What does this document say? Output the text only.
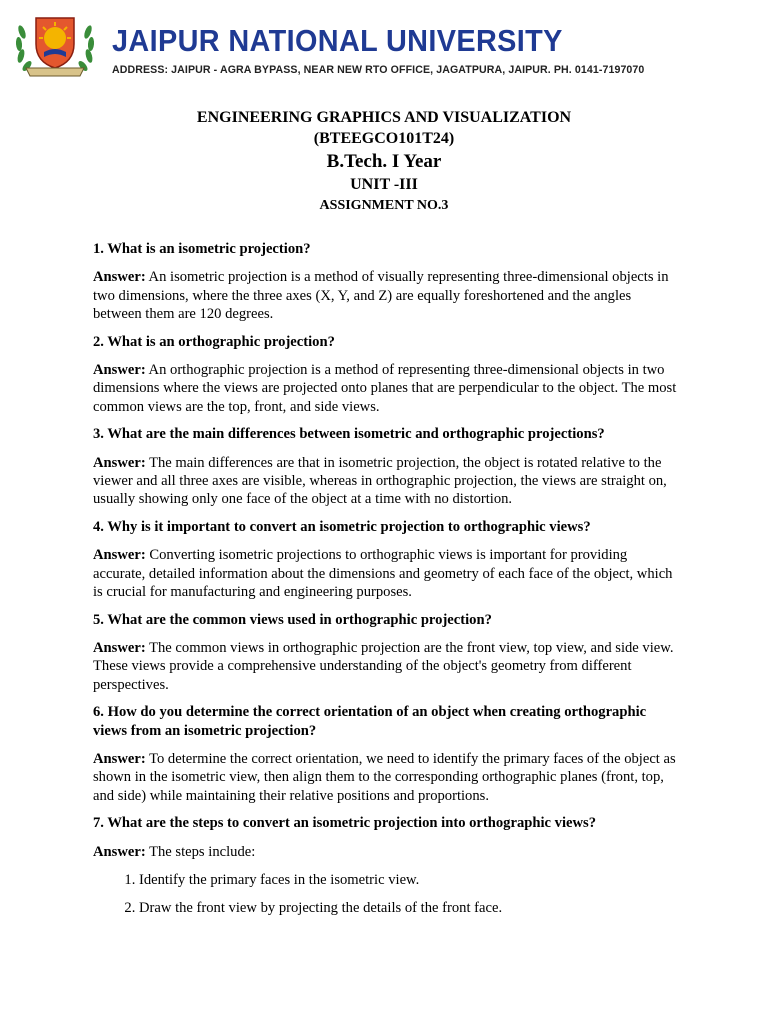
JAIPUR NATIONAL UNIVERSITY
ADDRESS: JAIPUR - AGRA BYPASS, NEAR NEW RTO OFFICE, JAGATPURA, JAIPUR. PH. 0141-7197070
ENGINEERING GRAPHICS AND VISUALIZATION
(BTEEGCO101T24)
B.Tech. I Year
UNIT -III
ASSIGNMENT NO.3

1. What is an isometric projection?

Answer: An isometric projection is a method of visually representing three-dimensional objects in two dimensions, where the three axes (X, Y, and Z) are equally foreshortened and the angles between them are 120 degrees.

2. What is an orthographic projection?

Answer: An orthographic projection is a method of representing three-dimensional objects in two dimensions where the views are projected onto planes that are perpendicular to the object. The most common views are the top, front, and side views.

3. What are the main differences between isometric and orthographic projections?

Answer: The main differences are that in isometric projection, the object is rotated relative to the viewer and all three axes are visible, whereas in orthographic projection, the views are straight on, usually showing only one face of the object at a time with no distortion.

4. Why is it important to convert an isometric projection to orthographic views?

Answer: Converting isometric projections to orthographic views is important for providing accurate, detailed information about the dimensions and geometry of each face of the object, which is crucial for manufacturing and engineering purposes.

5. What are the common views used in orthographic projection?

Answer: The common views in orthographic projection are the front view, top view, and side view. These views provide a comprehensive understanding of the object's geometry from different perspectives.

6. How do you determine the correct orientation of an object when creating orthographic views from an isometric projection?

Answer: To determine the correct orientation, we need to identify the primary faces of the object as shown in the isometric view, then align them to the corresponding orthographic planes (front, top, and side) while maintaining their relative positions and proportions.

7. What are the steps to convert an isometric projection into orthographic views?

Answer: The steps include:

1. Identify the primary faces in the isometric view.
2. Draw the front view by projecting the details of the front face.
